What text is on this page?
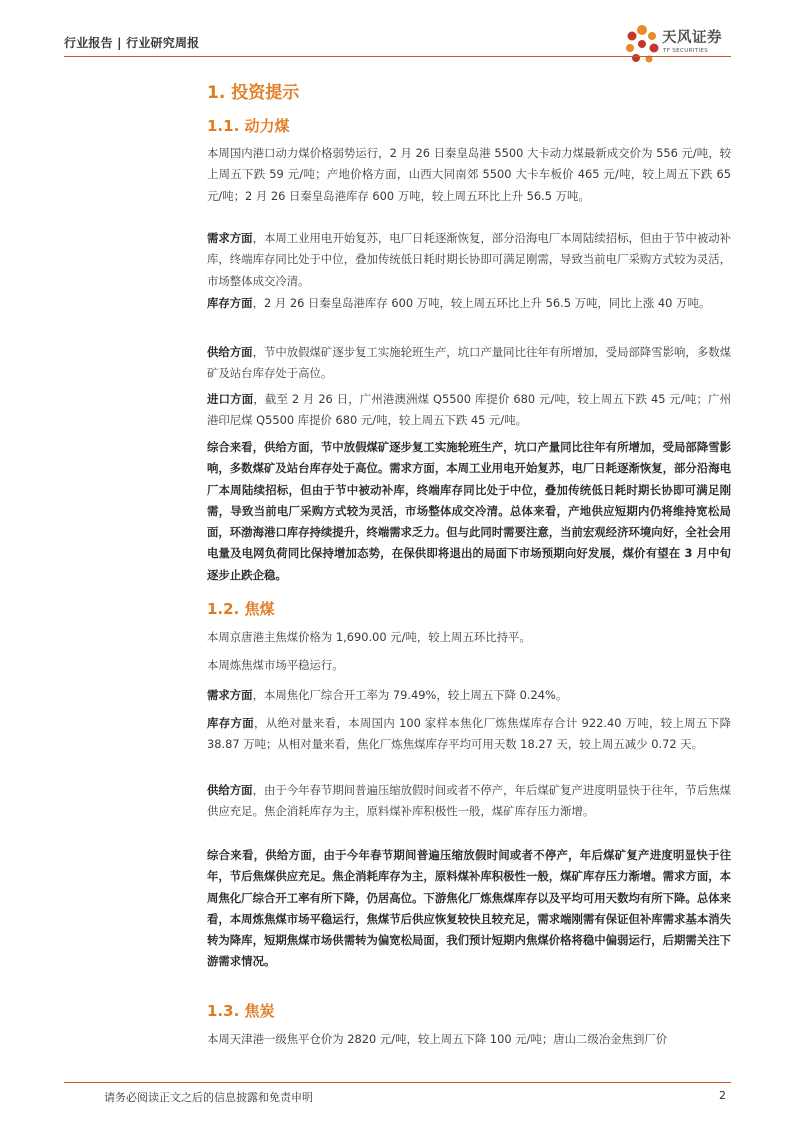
行业报告 | 行业研究周报	天风证券
TF SECURITIES
1. 投资提示
1.1. 动力煤
本周国内港口动力煤价格弱势运行，2 月 26 日秦皇岛港 5500 大卡动力煤最新成交价为 556 元/吨，较上周五下跌 59 元/吨；产地价格方面，山西大同南郊 5500 大卡车板价 465 元/吨，较上周五下跌 65 元/吨；2 月 26 日秦皇岛港库存 600 万吨，较上周五环比上升 56.5 万吨。
需求方面，本周工业用电开始复苏，电厂日耗逐渐恢复，部分沿海电厂本周陆续招标，但由于节中被动补库，终端库存同比处于中位，叠加传统低日耗时期长协即可满足刚需，导致当前电厂采购方式较为灵活，市场整体成交冷清。
库存方面，2 月 26 日秦皇岛港库存 600 万吨，较上周五环比上升 56.5 万吨，同比上涨 40 万吨。
供给方面，节中放假煤矿逐步复工实施轮班生产，坑口产量同比往年有所增加，受局部降雪影响，多数煤矿及站台库存处于高位。
进口方面，截至 2 月 26 日，广州港澳洲煤 Q5500 库提价 680 元/吨，较上周五下跌 45 元/吨；广州港印尼煤 Q5500 库提价 680 元/吨，较上周五下跌 45 元/吨。
综合来看，供给方面，节中放假煤矿逐步复工实施轮班生产，坑口产量同比往年有所增加，受局部降雪影响，多数煤矿及站台库存处于高位。需求方面，本周工业用电开始复苏，电厂日耗逐渐恢复，部分沿海电厂本周陆续招标，但由于节中被动补库，终端库存同比处于中位，叠加传统低日耗时期长协即可满足刚需，导致当前电厂采购方式较为灵活，市场整体成交冷清。总体来看，产地供应短期内仍将维持宽松局面，环渤海港口库存持续提升，终端需求乏力。但与此同时需要注意，当前宏观经济环境向好，全社会用电量及电网负荷同比保持增加态势，在保供即将退出的局面下市场预期向好发展，煤价有望在 3 月中旬逐步止跌企稳。
1.2. 焦煤
本周京唐港主焦煤价格为 1,690.00 元/吨，较上周五环比持平。
本周炼焦煤市场平稳运行。
需求方面，本周焦化厂综合开工率为 79.49%，较上周五下降 0.24%。
库存方面，从绝对量来看，本周国内 100 家样本焦化厂炼焦煤库存合计 922.40 万吨，较上周五下降 38.87 万吨；从相对量来看，焦化厂炼焦煤库存平均可用天数 18.27 天，较上周五减少 0.72 天。
供给方面，由于今年春节期间普遍压缩放假时间或者不停产，年后煤矿复产进度明显快于往年，节后焦煤供应充足。焦企消耗库存为主，原料煤补库积极性一般，煤矿库存压力渐增。
综合来看，供给方面，由于今年春节期间普遍压缩放假时间或者不停产，年后煤矿复产进度明显快于往年，节后焦煤供应充足。焦企消耗库存为主，原料煤补库积极性一般，煤矿库存压力渐增。需求方面，本周焦化厂综合开工率有所下降，仍居高位。下游焦化厂炼焦煤库存以及平均可用天数均有所下降。总体来看，本周炼焦煤市场平稳运行，焦煤节后供应恢复较快且较充足，需求端刚需有保证但补库需求基本消失转为降库，短期焦煤市场供需转为偏宽松局面，我们预计短期内焦煤价格将稳中偏弱运行，后期需关注下游需求情况。
1.3. 焦炭
本周天津港一级焦平仓价为 2820 元/吨，较上周五下降 100 元/吨；唐山二级冶金焦到厂价
请务必阅读正文之后的信息披露和免责申明	2
